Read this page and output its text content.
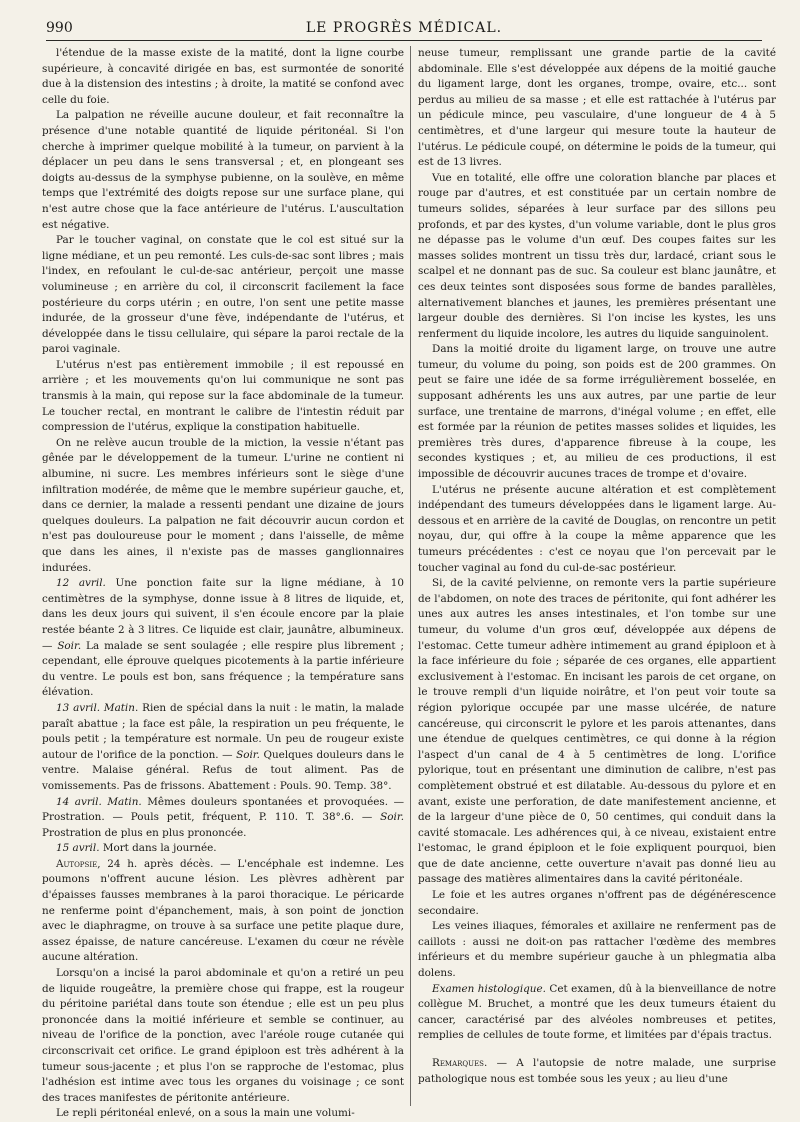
990	LE PROGRÈS MÉDICAL.

l'étendue de la masse existe de la matité, dont la ligne courbe supérieure, à concavité dirigée en bas, est surmontée de sonorité due à la distension des intestins ; à droite, la matité se confond avec celle du foie.

La palpation ne réveille aucune douleur, et fait reconnaître la présence d'une notable quantité de liquide péritonéal. Si l'on cherche à imprimer quelque mobilité à la tumeur, on parvient à la déplacer un peu dans le sens transversal ; et, en plongeant ses doigts au-dessus de la symphyse pubienne, on la soulève, en même temps que l'extrémité des doigts repose sur une surface plane, qui n'est autre chose que la face antérieure de l'utérus. L'auscultation est négative.

Par le toucher vaginal, on constate que le col est situé sur la ligne médiane, et un peu remonté. Les culs-de-sac sont libres ; mais l'index, en refoulant le cul-de-sac antérieur, perçoit une masse volumineuse ; en arrière du col, il circonscrit facilement la face postérieure du corps utérin ; en outre, l'on sent une petite masse indurée, de la grosseur d'une fève, indépendante de l'utérus, et développée dans le tissu cellulaire, qui sépare la paroi rectale de la paroi vaginale.

L'utérus n'est pas entièrement immobile ; il est repoussé en arrière ; et les mouvements qu'on lui communique ne sont pas transmis à la main, qui repose sur la face abdominale de la tumeur. Le toucher rectal, en montrant le calibre de l'intestin réduit par compression de l'utérus, explique la constipation habituelle.

On ne relève aucun trouble de la miction, la vessie n'étant pas gênée par le développement de la tumeur. L'urine ne contient ni albumine, ni sucre. Les membres inférieurs sont le siège d'une infiltration modérée, de même que le membre supérieur gauche, et, dans ce dernier, la malade a ressenti pendant une dizaine de jours quelques douleurs. La palpation ne fait découvrir aucun cordon et n'est pas douloureuse pour le moment ; dans l'aisselle, de même que dans les aines, il n'existe pas de masses ganglionnaires indurées.

12 avril. Une ponction faite sur la ligne médiane, à 10 centimètres de la symphyse, donne issue à 8 litres de liquide, et, dans les deux jours qui suivent, il s'en écoule encore par la plaie restée béante 2 à 3 litres. Ce liquide est clair, jaunâtre, albumineux. — Soir. La malade se sent soulagée ; elle respire plus librement ; cependant, elle éprouve quelques picotements à la partie inférieure du ventre. Le pouls est bon, sans fréquence ; la température sans élévation.

13 avril. Matin. Rien de spécial dans la nuit : le matin, la malade paraît abattue ; la face est pâle, la respiration un peu fréquente, le pouls petit ; la température est normale. Un peu de rougeur existe autour de l'orifice de la ponction. — Soir. Quelques douleurs dans le ventre. Malaise général. Refus de tout aliment. Pas de vomissements. Pas de frissons. Abattement : Pouls. 90. Temp. 38°.

14 avril. Matin. Mêmes douleurs spontanées et provoquées. — Prostration. — Pouls petit, fréquent, P. 110. T. 38°.6. — Soir. Prostration de plus en plus prononcée.

15 avril. Mort dans la journée.

Autopsie, 24 h. après décès. — L'encéphale est indemne. Les poumons n'offrent aucune lésion. Les plèvres adhèrent par d'épaisses fausses membranes à la paroi thoracique. Le péricarde ne renferme point d'épanchement, mais, à son point de jonction avec le diaphragme, on trouve à sa surface une petite plaque dure, assez épaisse, de nature cancéreuse. L'examen du cœur ne révèle aucune altération.

Lorsqu'on a incisé la paroi abdominale et qu'on a retiré un peu de liquide rougeâtre, la première chose qui frappe, est la rougeur du péritoine pariétal dans toute son étendue ; elle est un peu plus prononcée dans la moitié inférieure et semble se continuer, au niveau de l'orifice de la ponction, avec l'aréole rouge cutanée qui circonscrivait cet orifice. Le grand épiploon est très adhérent à la tumeur sous-jacente ; et plus l'on se rapproche de l'estomac, plus l'adhésion est intime avec tous les organes du voisinage ; ce sont des traces manifestes de péritonite antérieure.

Le repli péritonéal enlevé, on a sous la main une volumi-

neuse tumeur, remplissant une grande partie de la cavité abdominale. Elle s'est développée aux dépens de la moitié gauche du ligament large, dont les organes, trompe, ovaire, etc... sont perdus au milieu de sa masse ; et elle est rattachée à l'utérus par un pédicule mince, peu vasculaire, d'une longueur de 4 à 5 centimètres, et d'une largeur qui mesure toute la hauteur de l'utérus. Le pédicule coupé, on détermine le poids de la tumeur, qui est de 13 livres.

Vue en totalité, elle offre une coloration blanche par places et rouge par d'autres, et est constituée par un certain nombre de tumeurs solides, séparées à leur surface par des sillons peu profonds, et par des kystes, d'un volume variable, dont le plus gros ne dépasse pas le volume d'un œuf. Des coupes faites sur les masses solides montrent un tissu très dur, lardacé, criant sous le scalpel et ne donnant pas de suc. Sa couleur est blanc jaunâtre, et ces deux teintes sont disposées sous forme de bandes parallèles, alternativement blanches et jaunes, les premières présentant une largeur double des dernières. Si l'on incise les kystes, les uns renferment du liquide incolore, les autres du liquide sanguinolent.

Dans la moitié droite du ligament large, on trouve une autre tumeur, du volume du poing, son poids est de 200 grammes. On peut se faire une idée de sa forme irrégulièrement bosselée, en supposant adhérents les uns aux autres, par une partie de leur surface, une trentaine de marrons, d'inégal volume ; en effet, elle est formée par la réunion de petites masses solides et liquides, les premières très dures, d'apparence fibreuse à la coupe, les secondes kystiques ; et, au milieu de ces productions, il est impossible de découvrir aucunes traces de trompe et d'ovaire.

L'utérus ne présente aucune altération et est complètement indépendant des tumeurs développées dans le ligament large. Au-dessous et en arrière de la cavité de Douglas, on rencontre un petit noyau, dur, qui offre à la coupe la même apparence que les tumeurs précédentes : c'est ce noyau que l'on percevait par le toucher vaginal au fond du cul-de-sac postérieur.

Si, de la cavité pelvienne, on remonte vers la partie supérieure de l'abdomen, on note des traces de péritonite, qui font adhérer les unes aux autres les anses intestinales, et l'on tombe sur une tumeur, du volume d'un gros œuf, développée aux dépens de l'estomac. Cette tumeur adhère intimement au grand épiploon et à la face inférieure du foie ; séparée de ces organes, elle appartient exclusivement à l'estomac. En incisant les parois de cet organe, on le trouve rempli d'un liquide noirâtre, et l'on peut voir toute sa région pylorique occupée par une masse ulcérée, de nature cancéreuse, qui circonscrit le pylore et les parois attenantes, dans une étendue de quelques centimètres, ce qui donne à la région l'aspect d'un canal de 4 à 5 centimètres de long. L'orifice pylorique, tout en présentant une diminution de calibre, n'est pas complètement obstrué et est dilatable. Au-dessous du pylore et en avant, existe une perforation, de date manifestement ancienne, et de la largeur d'une pièce de 0, 50 centimes, qui conduit dans la cavité stomacale. Les adhérences qui, à ce niveau, existaient entre l'estomac, le grand épiploon et le foie expliquent pourquoi, bien que de date ancienne, cette ouverture n'avait pas donné lieu au passage des matières alimentaires dans la cavité péritonéale.

Le foie et les autres organes n'offrent pas de dégénérescence secondaire.

Les veines iliaques, fémorales et axillaire ne renferment pas de caillots : aussi ne doit-on pas rattacher l'œdème des membres inférieurs et du membre supérieur gauche à un phlegmatia alba dolens.

Examen histologique. Cet examen, dû à la bienveillance de notre collègue M. Bruchet, a montré que les deux tumeurs étaient du cancer, caractérisé par des alvéoles nombreuses et petites, remplies de cellules de toute forme, et limitées par d'épais tractus.

Remarques. — A l'autopsie de notre malade, une surprise pathologique nous est tombée sous les yeux ; au lieu d'une
